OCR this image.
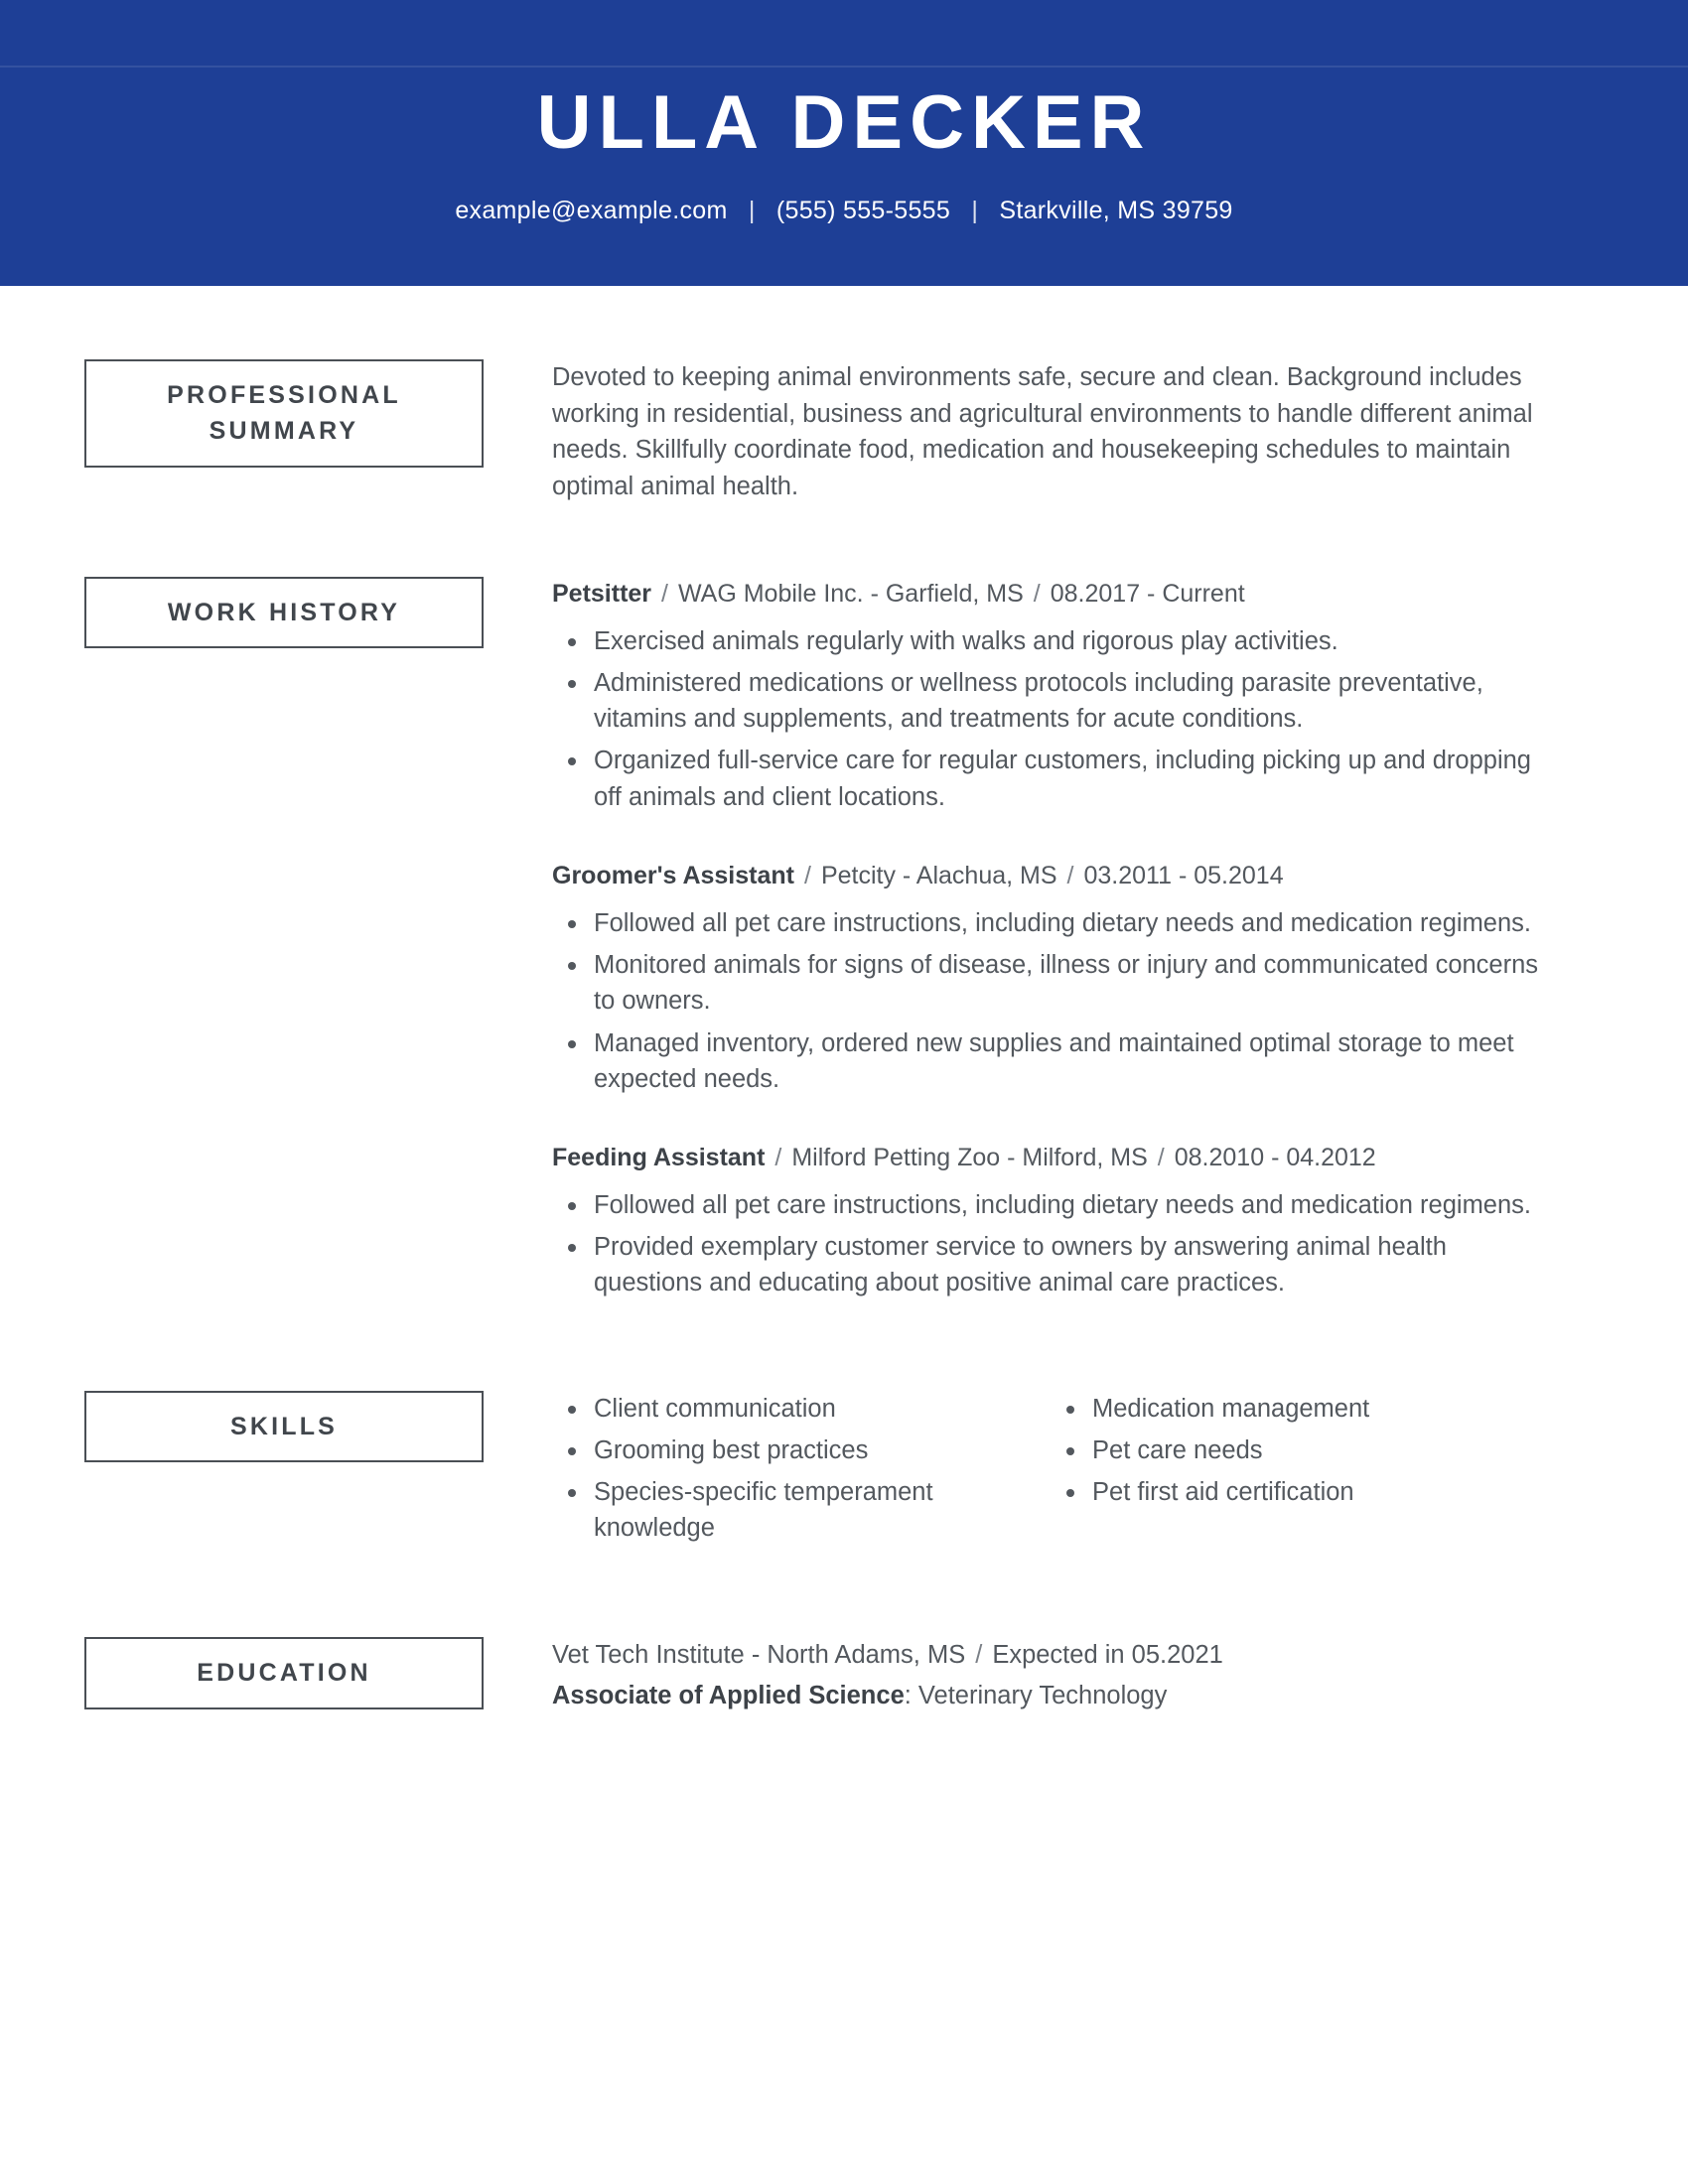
ULLA DECKER
example@example.com | (555) 555-5555 | Starkville, MS 39759
PROFESSIONAL SUMMARY

Devoted to keeping animal environments safe, secure and clean. Background includes working in residential, business and agricultural environments to handle different animal needs. Skillfully coordinate food, medication and housekeeping schedules to maintain optimal animal health.

WORK HISTORY
Petsitter / WAG Mobile Inc. - Garfield, MS / 08.2017 - Current
Exercised animals regularly with walks and rigorous play activities.
Administered medications or wellness protocols including parasite preventative, vitamins and supplements, and treatments for acute conditions.
Organized full-service care for regular customers, including picking up and dropping off animals and client locations.
Groomer's Assistant / Petcity - Alachua, MS / 03.2011 - 05.2014
Followed all pet care instructions, including dietary needs and medication regimens.
Monitored animals for signs of disease, illness or injury and communicated concerns to owners.
Managed inventory, ordered new supplies and maintained optimal storage to meet expected needs.
Feeding Assistant / Milford Petting Zoo - Milford, MS / 08.2010 - 04.2012
Followed all pet care instructions, including dietary needs and medication regimens.
Provided exemplary customer service to owners by answering animal health questions and educating about positive animal care practices.
SKILLS
Client communication
Grooming best practices
Species-specific temperament knowledge
Medication management
Pet care needs
Pet first aid certification
EDUCATION
Vet Tech Institute - North Adams, MS / Expected in 05.2021
Associate of Applied Science: Veterinary Technology
